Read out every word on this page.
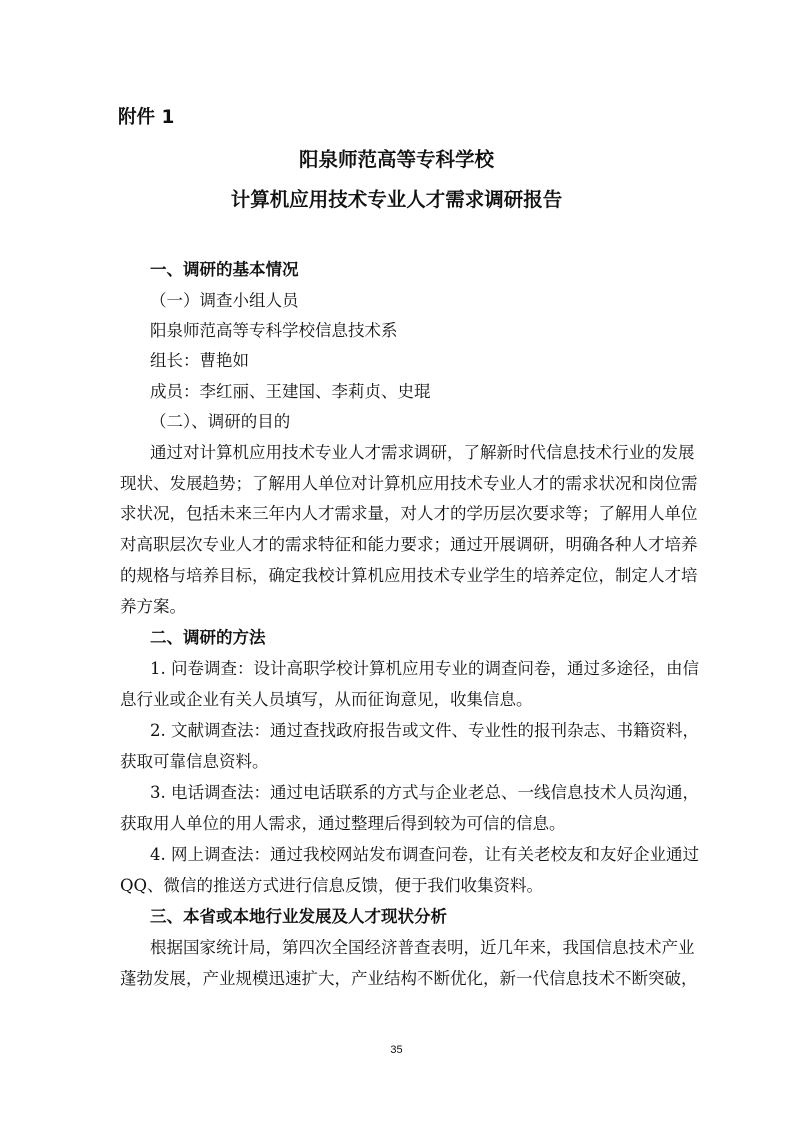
附件 1
阳泉师范高等专科学校
计算机应用技术专业人才需求调研报告
一、调研的基本情况
（一）调查小组人员
阳泉师范高等专科学校信息技术系
组长：曹艳如
成员：李红丽、王建国、李莉贞、史琨
（二）、调研的目的
通过对计算机应用技术专业人才需求调研，了解新时代信息技术行业的发展
现状、发展趋势；了解用人单位对计算机应用技术专业人才的需求状况和岗位需
求状况，包括未来三年内人才需求量，对人才的学历层次要求等；了解用人单位
对高职层次专业人才的需求特征和能力要求；通过开展调研，明确各种人才培养
的规格与培养目标，确定我校计算机应用技术专业学生的培养定位，制定人才培
养方案。
二、调研的方法
1. 问卷调查：设计高职学校计算机应用专业的调查问卷，通过多途径，由信
息行业或企业有关人员填写，从而征询意见，收集信息。
2. 文献调查法：通过查找政府报告或文件、专业性的报刊杂志、书籍资料，
获取可靠信息资料。
3. 电话调查法：通过电话联系的方式与企业老总、一线信息技术人员沟通，
获取用人单位的用人需求，通过整理后得到较为可信的信息。
4. 网上调查法：通过我校网站发布调查问卷，让有关老校友和友好企业通过
QQ、微信的推送方式进行信息反馈，便于我们收集资料。
三、本省或本地行业发展及人才现状分析
根据国家统计局，第四次全国经济普查表明，近几年来，我国信息技术产业
蓬勃发展，产业规模迅速扩大，产业结构不断优化，新一代信息技术不断突破，
35
